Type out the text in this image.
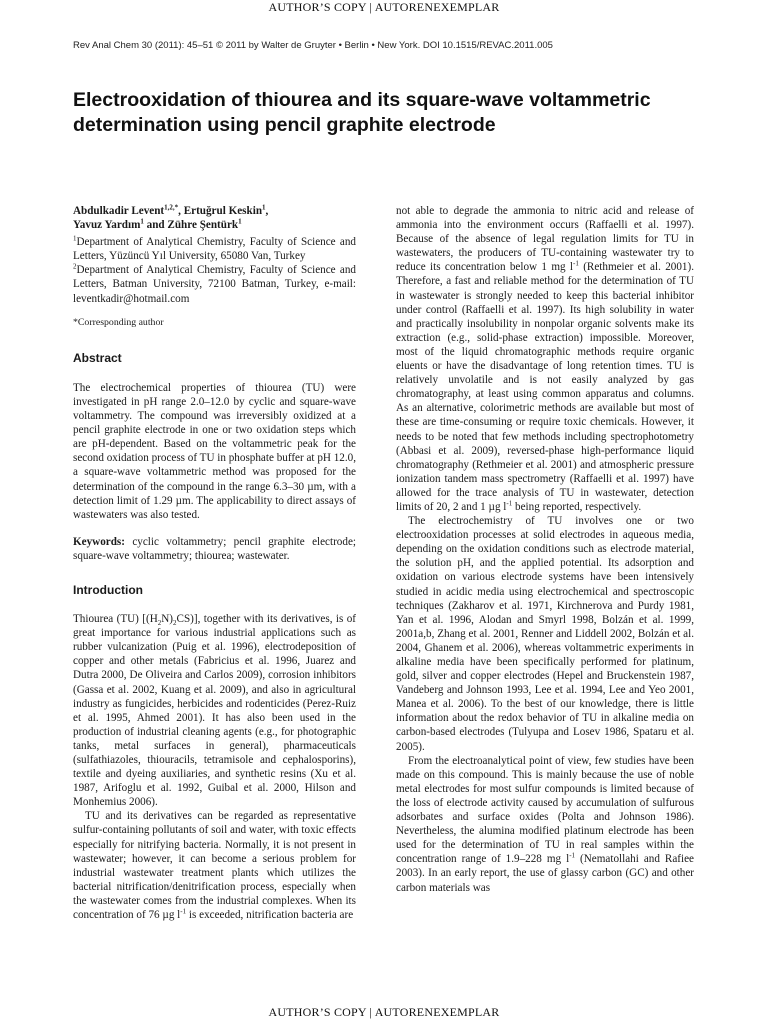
AUTHOR’S COPY | AUTORENEXEMPLAR
Rev Anal Chem 30 (2011): 45–51 © 2011 by Walter de Gruyter • Berlin • New York. DOI 10.1515/REVAC.2011.005
Electrooxidation of thiourea and its square-wave voltammetric determination using pencil graphite electrode

Abdulkadir Levent$^{1,2,*}$, Ertuğrul Keskin$^1$,
Yavuz Yardım$^1$ and Zühre Şentürk$^1$

$^1$Department of Analytical Chemistry, Faculty of Science and Letters, Yüzüncü Yıl University, 65080 Van, Turkey

$^2$Department of Analytical Chemistry, Faculty of Science and Letters, Batman University, 72100 Batman, Turkey, e-mail: leventkadir@hotmail.com

*Corresponding author

Abstract

The electrochemical properties of thiourea (TU) were investigated in pH range 2.0–12.0 by cyclic and square-wave voltammetry. The compound was irreversibly oxidized at a pencil graphite electrode in one or two oxidation steps which are pH-dependent. Based on the voltammetric peak for the second oxidation process of TU in phosphate buffer at pH 12.0, a square-wave voltammetric method was proposed for the determination of the compound in the range 6.3–30 µm, with a detection limit of 1.29 µm. The applicability to direct assays of wastewaters was also tested.

Keywords: cyclic voltammetry; pencil graphite electrode; square-wave voltammetry; thiourea; wastewater.

Introduction

Thiourea (TU) $[(H_2N)_2CS)$], together with its derivatives, is of great importance for various industrial applications such as rubber vulcanization (Puig et al. 1996), electrodeposition of copper and other metals (Fabricius et al. 1996, Juarez and Dutra 2000, De Oliveira and Carlos 2009), corrosion inhibitors (Gassa et al. 2002, Kuang et al. 2009), and also in agricultural industry as fungicides, herbicides and rodenticides (Perez-Ruiz et al. 1995, Ahmed 2001). It has also been used in the production of industrial cleaning agents (e.g., for photographic tanks, metal surfaces in general), pharmaceuticals (sulfathiazoles, thiouracils, tetramisole and cephalosporins), textile and dyeing auxiliaries, and synthetic resins (Xu et al. 1987, Arifoglu et al. 1992, Guibal et al. 2000, Hilson and Monhemius 2006).

TU and its derivatives can be regarded as representative sulfur-containing pollutants of soil and water, with toxic effects especially for nitrifying bacteria. Normally, it is not present in wastewater; however, it can become a serious problem for industrial wastewater treatment plants which utilizes the bacterial nitrification/denitrification process, especially when the wastewater comes from the industrial complexes. When its concentration of 76 µg $l^{-1}$ is exceeded, nitrification bacteria are

not able to degrade the ammonia to nitric acid and release of ammonia into the environment occurs (Raffaelli et al. 1997). Because of the absence of legal regulation limits for TU in wastewaters, the producers of TU-containing wastewater try to reduce its concentration below 1 mg $l^{-1}$ (Rethmeier et al. 2001). Therefore, a fast and reliable method for the determination of TU in wastewater is strongly needed to keep this bacterial inhibitor under control (Raffaelli et al. 1997). Its high solubility in water and practically insolubility in nonpolar organic solvents make its extraction (e.g., solid-phase extraction) impossible. Moreover, most of the liquid chromatographic methods require organic eluents or have the disadvantage of long retention times. TU is relatively unvolatile and is not easily analyzed by gas chromatography, at least using common apparatus and columns. As an alternative, colorimetric methods are available but most of these are time-consuming or require toxic chemicals. However, it needs to be noted that few methods including spectrophotometry (Abbasi et al. 2009), reversed-phase high-performance liquid chromatography (Rethmeier et al. 2001) and atmospheric pressure ionization tandem mass spectrometry (Raffaelli et al. 1997) have allowed for the trace analysis of TU in wastewater, detection limits of 20, 2 and 1 µg $l^{-1}$ being reported, respectively.

The electrochemistry of TU involves one or two electrooxidation processes at solid electrodes in aqueous media, depending on the oxidation conditions such as electrode material, the solution pH, and the applied potential. Its adsorption and oxidation on various electrode systems have been intensively studied in acidic media using electrochemical and spectroscopic techniques (Zakharov et al. 1971, Kirchnerova and Purdy 1981, Yan et al. 1996, Alodan and Smyrl 1998, Bolzán et al. 1999, 2001a,b, Zhang et al. 2001, Renner and Liddell 2002, Bolzán et al. 2004, Ghanem et al. 2006), whereas voltammetric experiments in alkaline media have been specifically performed for platinum, gold, silver and copper electrodes (Hepel and Bruckenstein 1987, Vandeberg and Johnson 1993, Lee et al. 1994, Lee and Yeo 2001, Manea et al. 2006). To the best of our knowledge, there is little information about the redox behavior of TU in alkaline media on carbon-based electrodes (Tulyupa and Losev 1986, Spataru et al. 2005).

From the electroanalytical point of view, few studies have been made on this compound. This is mainly because the use of noble metal electrodes for most sulfur compounds is limited because of the loss of electrode activity caused by accumulation of sulfurous adsorbates and surface oxides (Polta and Johnson 1986). Nevertheless, the alumina modified platinum electrode has been used for the determination of TU in real samples within the concentration range of 1.9–228 mg $l^{-1}$ (Nematollahi and Rafiee 2003). In an early report, the use of glassy carbon (GC) and other carbon materials was

AUTHOR’S COPY | AUTORENEXEMPLAR
